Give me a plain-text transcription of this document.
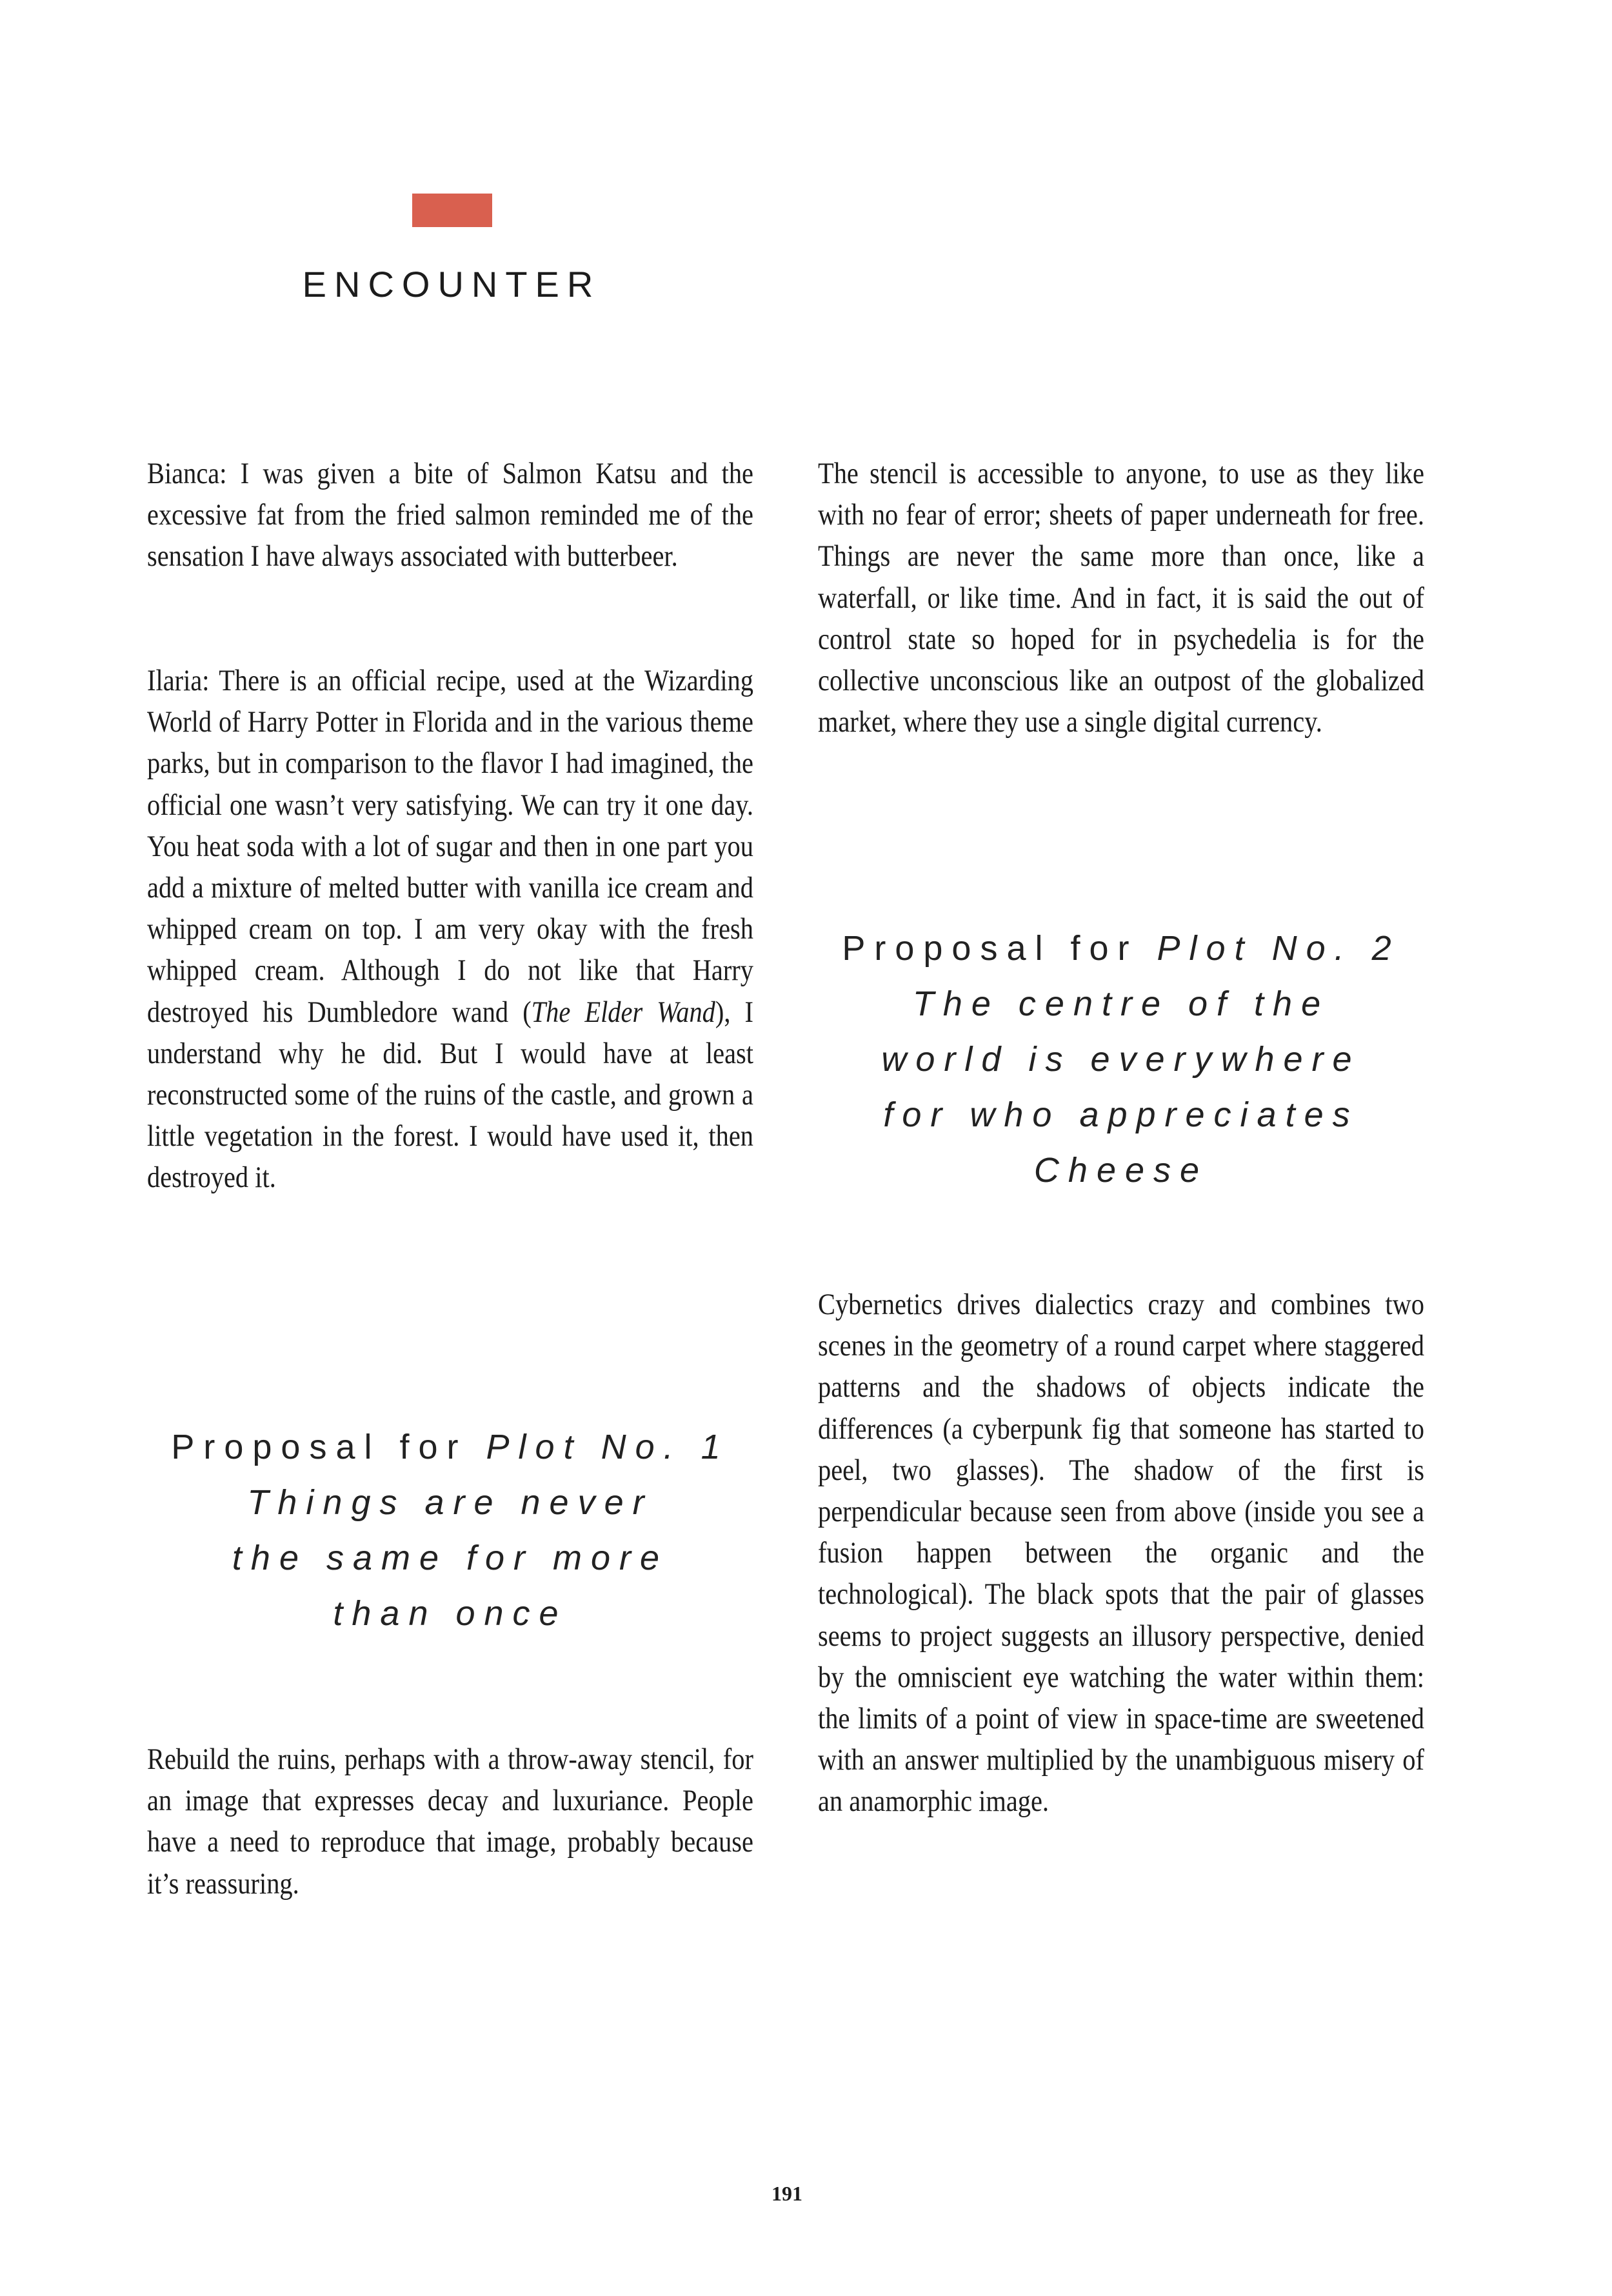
ENCOUNTER

Bianca: I was given a bite of Salmon Katsu and the excessive fat from the fried salmon reminded me of the sensation I have always associated with butterbeer.

Ilaria: There is an official recipe, used at the Wizarding World of Harry Potter in Florida and in the various theme parks, but in comparison to the flavor I had imagined, the official one wasn’t very satisfying. We can try it one day. You heat soda with a lot of sugar and then in one part you add a mixture of melted butter with vanilla ice cream and whipped cream on top. I am very okay with the fresh whipped cream. Although I do not like that Harry destroyed his Dumbledore wand (The Elder Wand), I understand why he did. But I would have at least reconstructed some of the ruins of the castle, and grown a little vegetation in the forest. I would have used it, then destroyed it.

Proposal for Plot No. 1
Things are never
the same for more
than once

Rebuild the ruins, perhaps with a throw-away stencil, for an image that expresses decay and luxuriance. People have a need to reproduce that image, probably because it’s reassuring.

The stencil is accessible to anyone, to use as they like with no fear of error; sheets of paper underneath for free. Things are never the same more than once, like a waterfall, or like time. And in fact, it is said the out of control state so hoped for in psychedelia is for the collective unconscious like an outpost of the globalized market, where they use a single digital currency.

Proposal for Plot No. 2
The centre of the
world is everywhere
for who appreciates
Cheese

Cybernetics drives dialectics crazy and combines two scenes in the geometry of a round carpet where staggered patterns and the shadows of objects indicate the differences (a cyberpunk fig that someone has started to peel, two glasses). The shadow of the first is perpendicular because seen from above (inside you see a fusion happen between the organic and the technological). The black spots that the pair of glasses seems to project suggests an illusory perspective, denied by the omniscient eye watching the water within them: the limits of a point of view in space-time are sweetened with an answer multiplied by the unambiguous misery of an anamorphic image.

191
